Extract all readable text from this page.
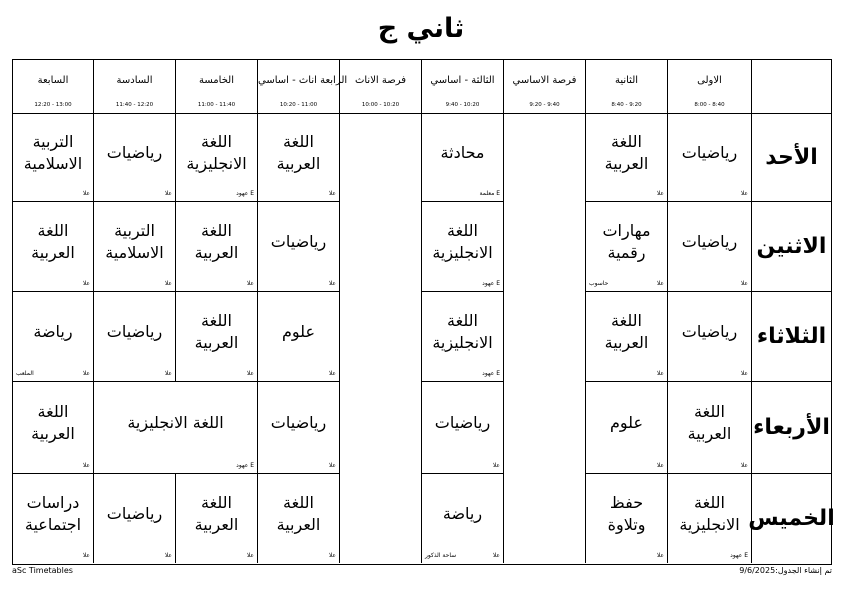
ثاني ج
الاولى
8:00 - 8:40
الثانية
8:40 - 9:20
فرصة الاساسي
9:20 - 9:40
الثالثة - اساسي
9:40 - 10:20
فرصة الاناث
10:00 - 10:20
الرابعة اناث - اساسي
10:20 - 11:00
الخامسة
11:00 - 11:40
السادسة
11:40 - 12:20
السابعة
12:20 - 13:00
الأحد
الاثنين
الثلاثاء
الأربعاء
الخميس
رياضيات
علا
اللغة العربية
علا
محادثة
E معلمة
اللغة العربية
علا
اللغة الانجليزية
E عهود
رياضيات
علا
التربية الاسلامية
علا
رياضيات
علا
مهارات رقمية
علا
حاسوب
اللغة الانجليزية
E عهود
رياضيات
علا
اللغة العربية
علا
التربية الاسلامية
علا
اللغة العربية
علا
رياضيات
علا
اللغة العربية
علا
اللغة الانجليزية
E عهود
علوم
علا
اللغة العربية
علا
رياضيات
علا
رياضة
علا
الملعب
اللغة العربية
علا
علوم
علا
رياضيات
علا
رياضيات
علا
اللغة الانجليزية
E عهود
اللغة العربية
علا
اللغة الانجليزية
E عهود
حفظ وتلاوة
علا
رياضة
علا
ساحة الذكور
اللغة العربية
علا
اللغة العربية
علا
رياضيات
علا
دراسات اجتماعية
علا
aSc Timetables	تم إنشاء الجدول:9/6/2025
